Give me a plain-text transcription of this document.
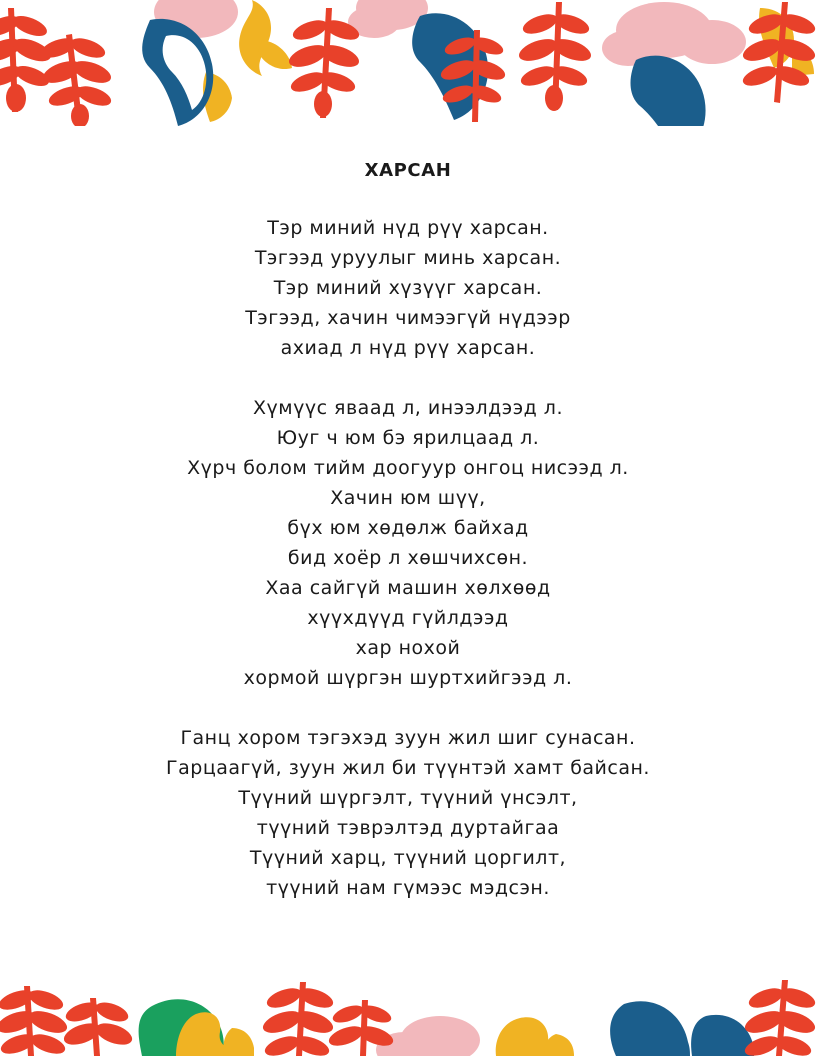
ХАРСАН
Тэр миний нүд рүү харсан.
Тэгээд уруулыг минь харсан.
Тэр миний хүзүүг харсан.
Тэгээд, хачин чимээгүй нүдээр
ахиад л нүд рүү харсан.
Хүмүүс яваад л, инээлдээд л.
Юуг ч юм бэ ярилцаад л.
Хүрч болом тийм доогуур онгоц нисээд л.
Хачин юм шүү,
бүх юм хөдөлж байхад
бид хоёр л хөшчихсөн.
Хаа сайгүй машин хөлхөөд
хүүхдүүд гүйлдээд
хар нохой
хормой шүргэн шуртхийгээд л.
Ганц хором тэгэхэд зуун жил шиг сунасан.
Гарцаагүй, зуун жил би түүнтэй хамт байсан.
Түүний шүргэлт, түүний үнсэлт,
түүний тэврэлтэд дуртайгаа
Түүний харц, түүний цоргилт,
түүний нам гүмээс мэдсэн.
